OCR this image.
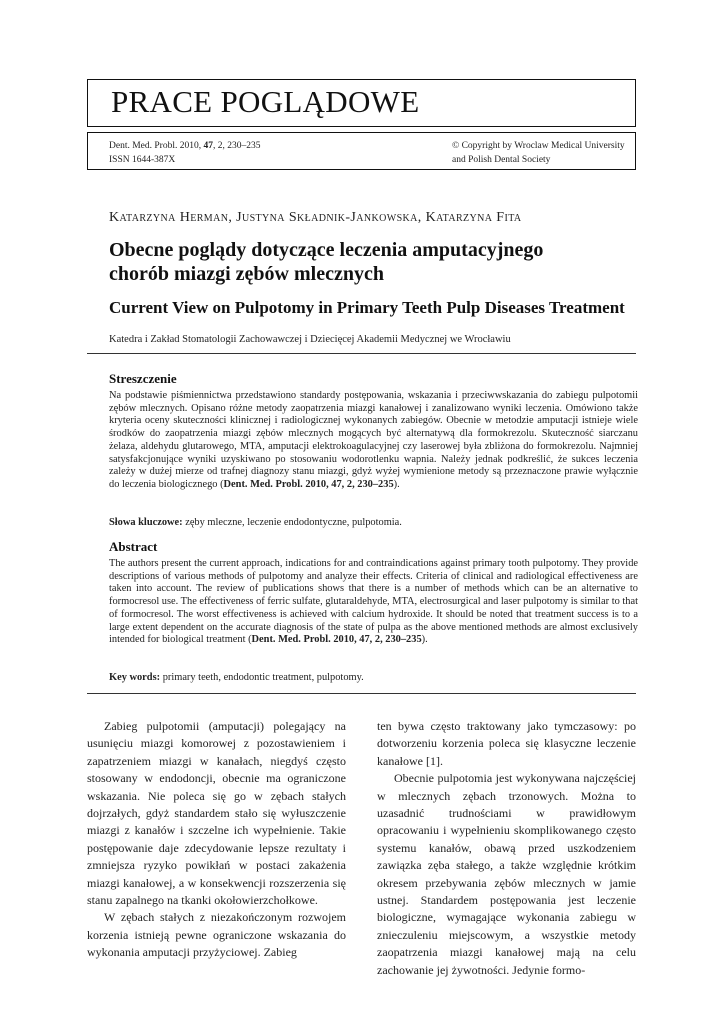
PRACE POGLĄDOWE
Dent. Med. Probl. 2010, 47, 2, 230–235
ISSN 1644-387X
© Copyright by Wroclaw Medical University
and Polish Dental Society
Katarzyna Herman, Justyna Składnik-Jankowska, Katarzyna Fita
Obecne poglądy dotyczące leczenia amputacyjnego
chorób miazgi zębów mlecznych
Current View on Pulpotomy in Primary Teeth Pulp Diseases Treatment
Katedra i Zakład Stomatologii Zachowawczej i Dziecięcej Akademii Medycznej we Wrocławiu
Streszczenie
Na podstawie piśmiennictwa przedstawiono standardy postępowania, wskazania i przeciwwskazania do zabiegu pulpotomii zębów mlecznych. Opisano różne metody zaopatrzenia miazgi kanałowej i zanalizowano wyniki leczenia. Omówiono także kryteria oceny skuteczności klinicznej i radiologicznej wykonanych zabiegów. Obecnie w metodzie amputacji istnieje wiele środków do zaopatrzenia miazgi zębów mlecznych mogących być alternatywą dla formokrezolu. Skuteczność siarczanu żelaza, aldehydu glutarowego, MTA, amputacji elektrokoagulacyjnej czy laserowej była zbliżona do formokrezolu. Najmniej satysfakcjonujące wyniki uzyskiwano po stosowaniu wodorotlenku wapnia. Należy jednak podkreślić, że sukces leczenia zależy w dużej mierze od trafnej diagnozy stanu miazgi, gdyż wyżej wymienione metody są przeznaczone prawie wyłącznie do leczenia biologicznego (Dent. Med. Probl. 2010, 47, 2, 230–235).
Słowa kluczowe: zęby mleczne, leczenie endodontyczne, pulpotomia.
Abstract
The authors present the current approach, indications for and contraindications against primary tooth pulpotomy. They provide descriptions of various methods of pulpotomy and analyze their effects. Criteria of clinical and radiological effectiveness are taken into account. The review of publications shows that there is a number of methods which can be an alternative to formocresol use. The effectiveness of ferric sulfate, glutaraldehyde, MTA, electrosurgical and laser pulpotomy is similar to that of formocresol. The worst effectiveness is achieved with calcium hydroxide. It should be noted that treatment success is to a large extent dependent on the accurate diagnosis of the state of pulpa as the above mentioned methods are almost exclusively intended for biological treatment (Dent. Med. Probl. 2010, 47, 2, 230–235).
Key words: primary teeth, endodontic treatment, pulpotomy.

Zabieg pulpotomii (amputacji) polegający na usunięciu miazgi komorowej z pozostawieniem i zapatrzeniem miazgi w kanałach, niegdyś często stosowany w endodoncji, obecnie ma ograniczone wskazania. Nie poleca się go w zębach stałych dojrzałych, gdyż standardem stało się wyłuszczenie miazgi z kanałów i szczelne ich wypełnienie. Takie postępowanie daje zdecydowanie lepsze rezultaty i zmniejsza ryzyko powikłań w postaci zakażenia miazgi kanałowej, a w konsekwencji rozszerzenia się stanu zapalnego na tkanki okołowierzchołkowe.

W zębach stałych z niezakończonym rozwojem korzenia istnieją pewne ograniczone wskazania do wykonania amputacji przyżyciowej. Zabieg

ten bywa często traktowany jako tymczasowy: po dotworzeniu korzenia poleca się klasyczne leczenie kanałowe [1].

Obecnie pulpotomia jest wykonywana najczęściej w mlecznych zębach trzonowych. Można to uzasadnić trudnościami w prawidłowym opracowaniu i wypełnieniu skomplikowanego często systemu kanałów, obawą przed uszkodzeniem zawiązka zęba stałego, a także względnie krótkim okresem przebywania zębów mlecznych w jamie ustnej. Standardem postępowania jest leczenie biologiczne, wymagające wykonania zabiegu w znieczuleniu miejscowym, a wszystkie metody zaopatrzenia miazgi kanałowej mają na celu zachowanie jej żywotności. Jedynie formo-
